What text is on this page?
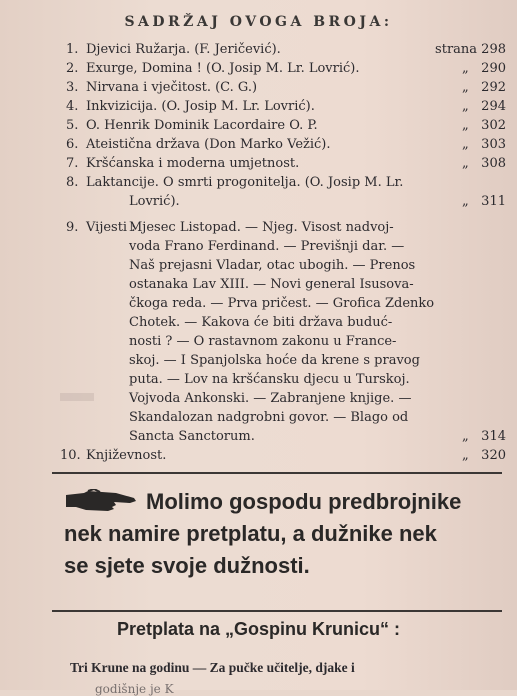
SADRŽAJ OVOGA BROJA:
1. Djevici Ružarja. (F. Jeričević).	strana 298
2. Exurge, Domina ! (O. Josip M. Lr. Lovrić).	„ 290
3. Nirvana i vječitost. (C. G.)	„ 292
4. Inkvizicija. (O. Josip M. Lr. Lovrić).	„ 294
5. O. Henrik Dominik Lacordaire O. P.	„ 302
6. Ateistična država (Don Marko Vežić).	„ 303
7. Kršćanska i moderna umjetnost.	„ 308
8. Laktancije. O smrti progonitelja. (O. Josip M. Lr.
Lovrić).	„ 311
9. Vijesti :
Mjesec Listopad. — Njeg. Visost nadvoj-
voda Frano Ferdinand. — Previšnji dar. —
Naš prejasni Vladar, otac ubogih. — Prenos
ostanaka Lav XIII. — Novi general Isusova-
čkoga reda. — Prva pričest. — Grofica Zdenko
Chotek. — Kakova će biti država buduć-
nosti ? — O rastavnom zakonu u France-
skoj. — I Spanjolska hoće da krene s pravog
puta. — Lov na kršćansku djecu u Turskoj.
Vojvoda Ankonski. — Zabranjene knjige. —
Skandalozan nadgrobni govor. — Blago od
Sancta Sanctorum.	„ 314
10. Književnost.	„ 320
Molimo gospodu predbrojnike
nek namire pretplatu, a dužnike nek
se sjete svoje dužnosti.
Pretplata na „Gospinu Krunicu“ :
Tri Krune na godinu — Za pučke učitelje, djake i
godišnje je K
